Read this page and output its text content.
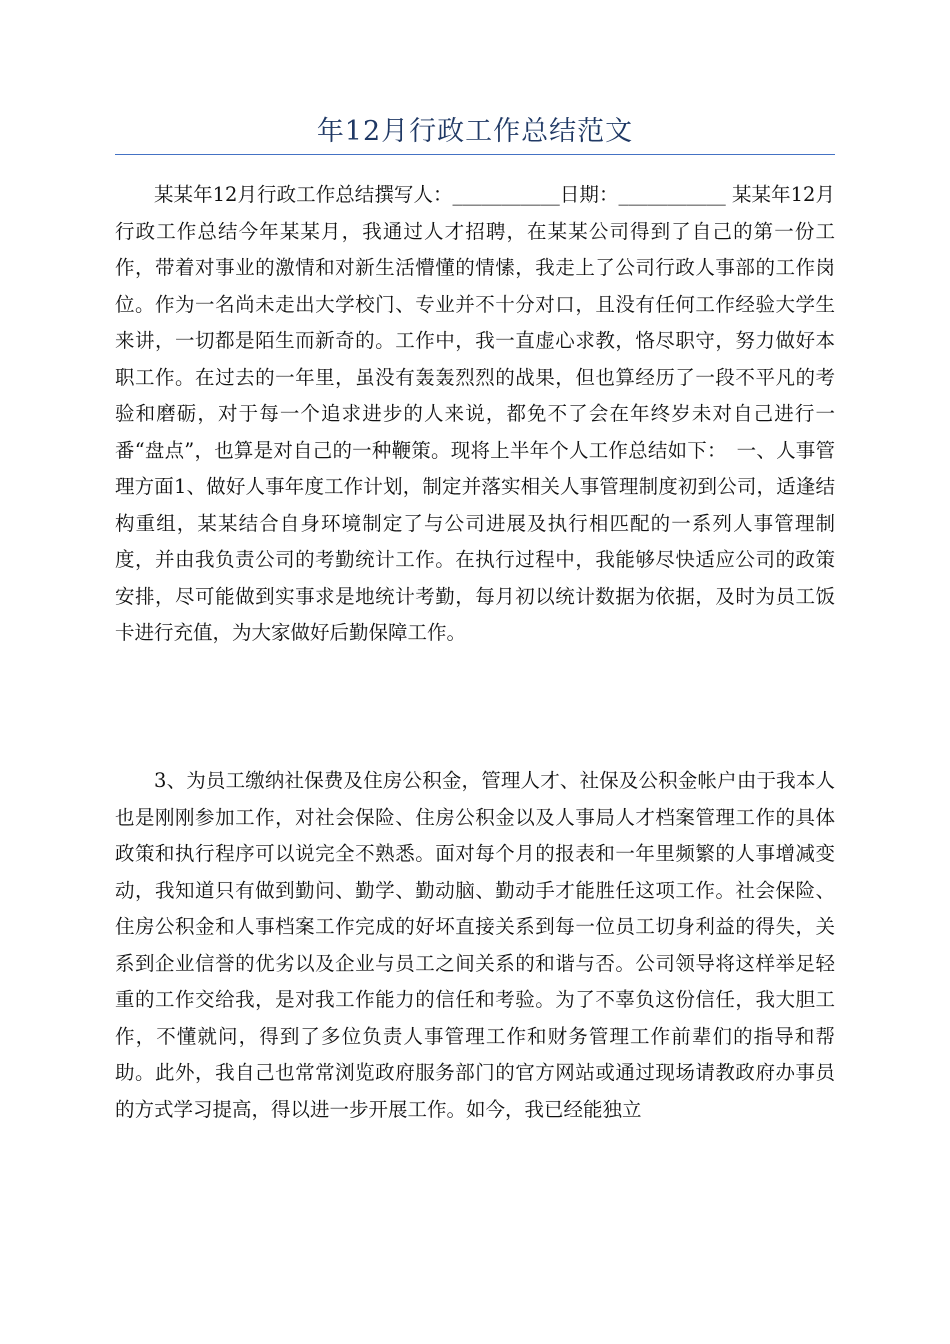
年12月行政工作总结范文

某某年12月行政工作总结撰写人：___________日期：___________ 某某年12月行政工作总结今年某某月，我通过人才招聘，在某某公司得到了自己的第一份工作，带着对事业的激情和对新生活懵懂的情愫，我走上了公司行政人事部的工作岗位。作为一名尚未走出大学校门、专业并不十分对口，且没有任何工作经验大学生来讲，一切都是陌生而新奇的。工作中，我一直虚心求教，恪尽职守，努力做好本职工作。在过去的一年里，虽没有轰轰烈烈的战果，但也算经历了一段不平凡的考验和磨砺，对于每一个追求进步的人来说，都免不了会在年终岁未对自己进行一番“盘点”，也算是对自己的一种鞭策。现将上半年个人工作总结如下：　一、人事管理方面1、做好人事年度工作计划，制定并落实相关人事管理制度初到公司，适逢结构重组，某某结合自身环境制定了与公司进展及执行相匹配的一系列人事管理制度，并由我负责公司的考勤统计工作。在执行过程中，我能够尽快适应公司的政策安排，尽可能做到实事求是地统计考勤，每月初以统计数据为依据，及时为员工饭卡进行充值，为大家做好后勤保障工作。

3、为员工缴纳社保费及住房公积金，管理人才、社保及公积金帐户由于我本人也是刚刚参加工作，对社会保险、住房公积金以及人事局人才档案管理工作的具体政策和执行程序可以说完全不熟悉。面对每个月的报表和一年里频繁的人事增减变动，我知道只有做到勤问、勤学、勤动脑、勤动手才能胜任这项工作。社会保险、住房公积金和人事档案工作完成的好坏直接关系到每一位员工切身利益的得失，关系到企业信誉的优劣以及企业与员工之间关系的和谐与否。公司领导将这样举足轻重的工作交给我，是对我工作能力的信任和考验。为了不辜负这份信任，我大胆工作，不懂就问，得到了多位负责人事管理工作和财务管理工作前辈们的指导和帮助。此外，我自己也常常浏览政府服务部门的官方网站或通过现场请教政府办事员的方式学习提高，得以进一步开展工作。如今，我已经能独立
